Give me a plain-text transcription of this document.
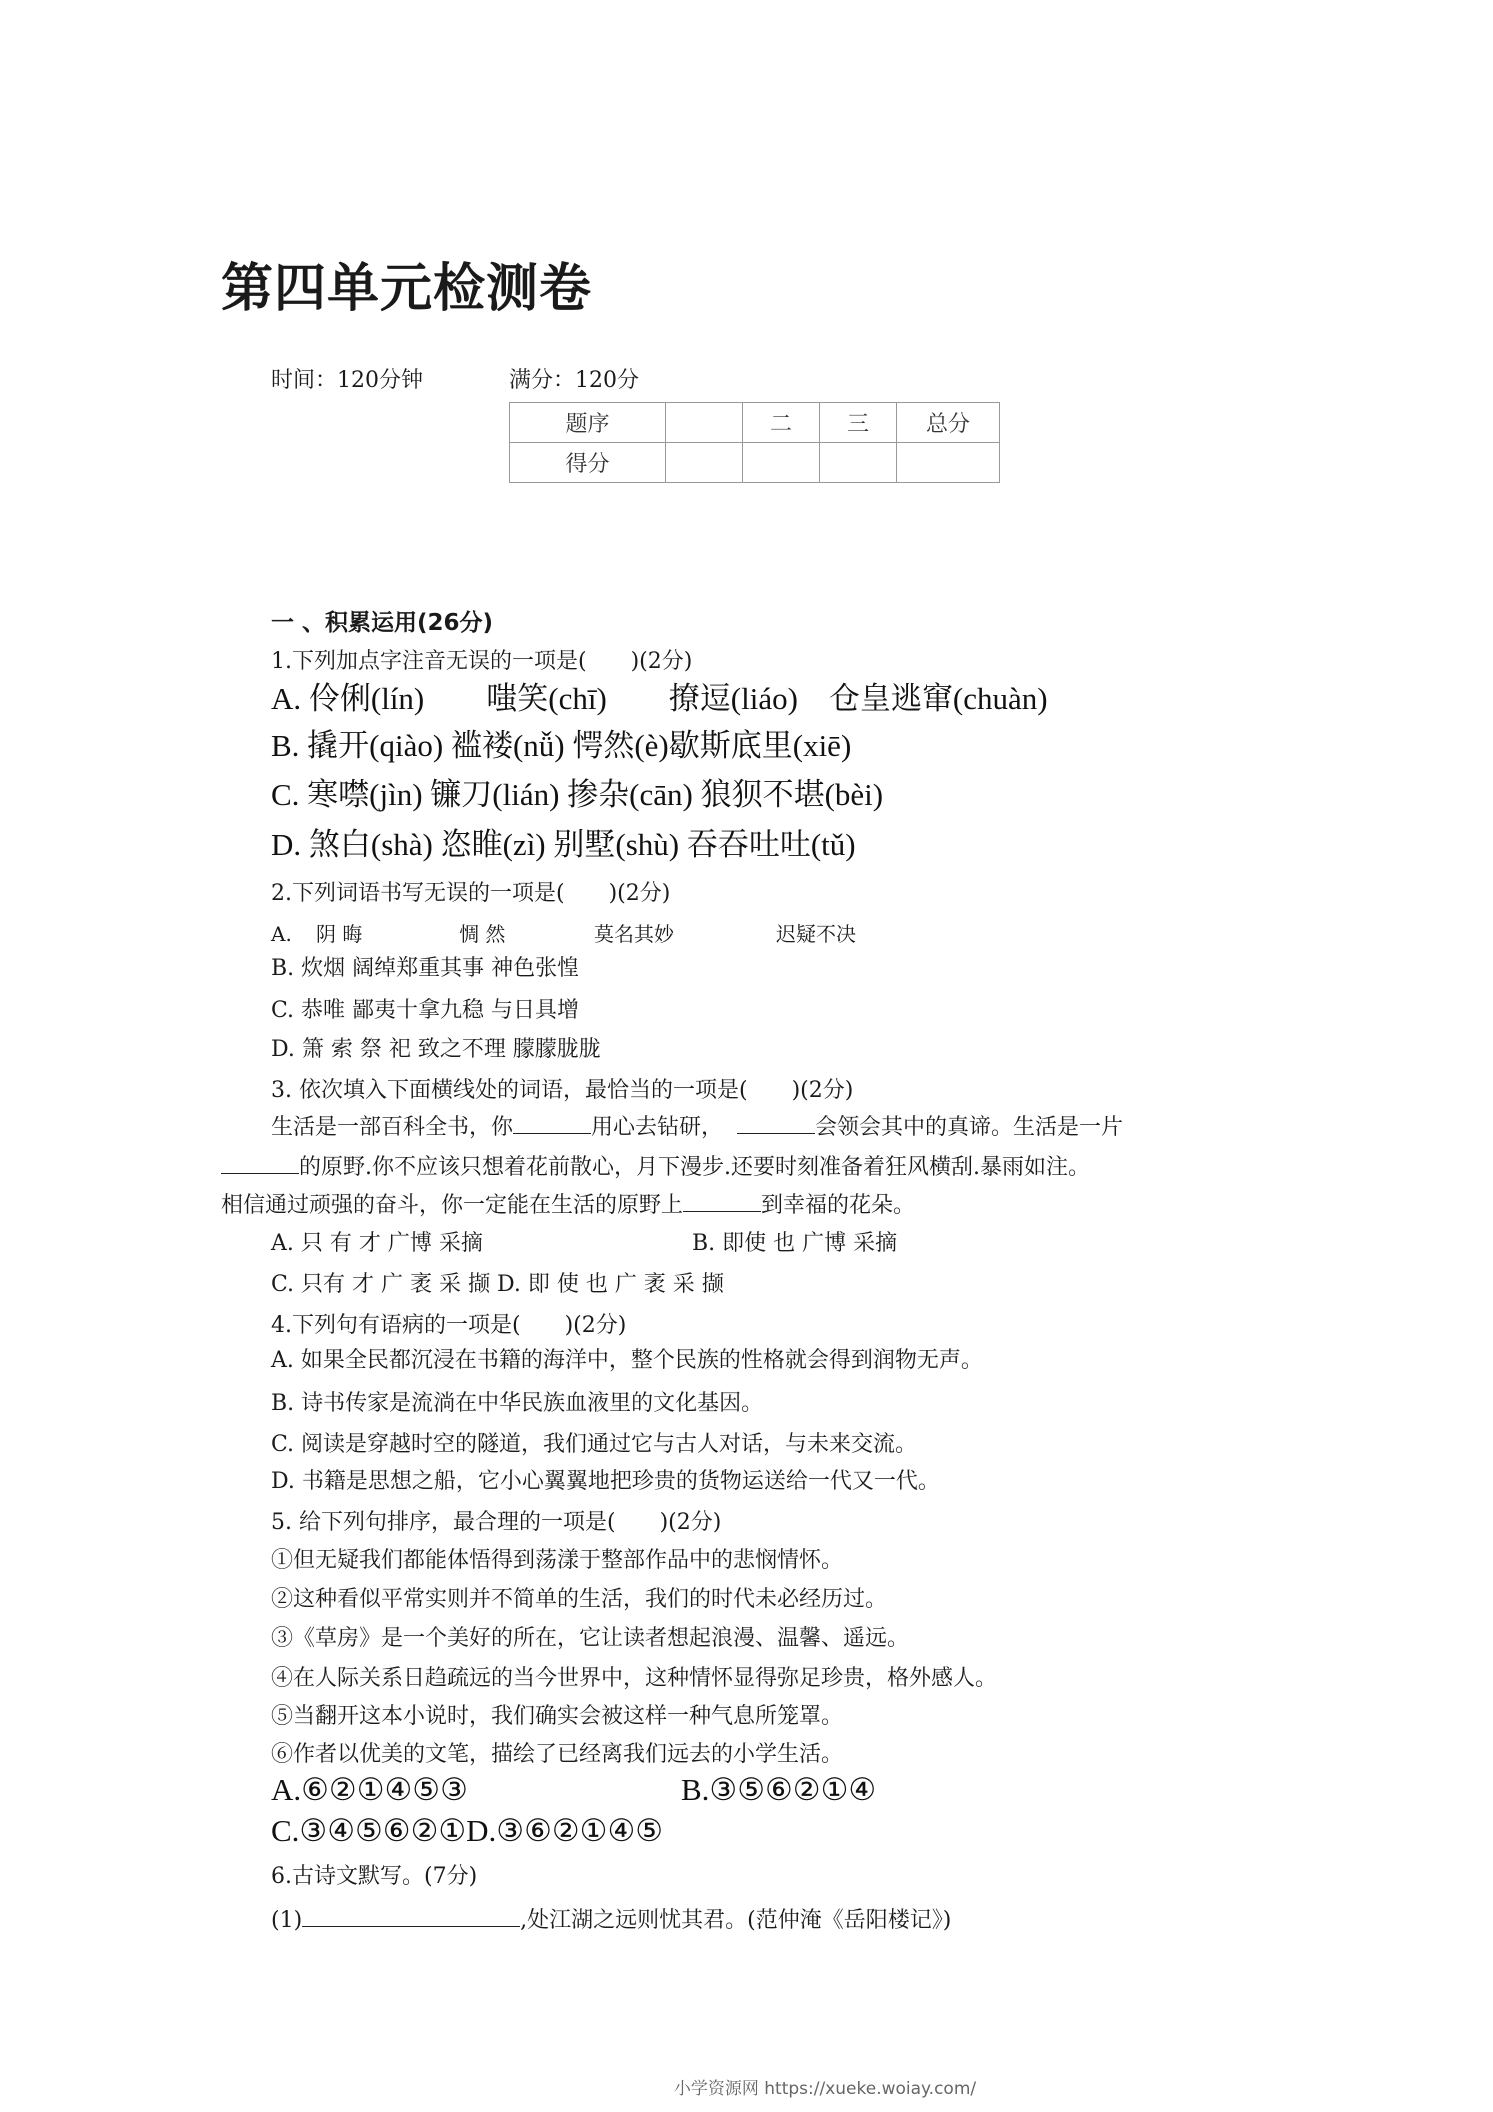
第四单元检测卷
时间：120分钟	满分：120分
题序		二	三	总分
得分				
一 、积累运用(26分)
1.下列加点字注音无误的一项是(　　)(2分)
A. 伶俐(lín)　　嗤笑(chī)　　撩逗(liáo)　仓皇逃窜(chuàn)
B. 撬开(qiào) 褴褛(nǚ) 愕然(è)歇斯底里(xiē)
C. 寒噤(jìn) 镰刀(lián) 掺杂(cān) 狼狈不堪(bèi)
D. 煞白(shà) 恣睢(zì) 别墅(shù) 吞吞吐吐(tǔ)
2.下列词语书写无误的一项是(　　)(2分)
A. 阴 晦	惆 然	莫名其妙	迟疑不决
B. 炊烟 阔绰郑重其事 神色张惶
C. 恭唯 鄙夷十拿九稳 与日具增
D. 箫 索 祭 祀 致之不理 朦朦胧胧
3. 依次填入下面横线处的词语，最恰当的一项是(　　)(2分)
生活是一部百科全书，你	用心去钻研，	会领会其中的真谛。生活是一片
的原野.你不应该只想着花前散心，月下漫步.还要时刻准备着狂风横刮.暴雨如注。
相信通过顽强的奋斗，你一定能在生活的原野上	到幸福的花朵。
A. 只 有 才 广博 采摘	B. 即使 也 广博 采摘
C. 只有 才 广 袤 采 撷 D. 即 使 也 广 袤 采 撷
4.下列句有语病的一项是(　　)(2分)
A. 如果全民都沉浸在书籍的海洋中，整个民族的性格就会得到润物无声。
B. 诗书传家是流淌在中华民族血液里的文化基因。
C. 阅读是穿越时空的隧道，我们通过它与古人对话，与未来交流。
D. 书籍是思想之船，它小心翼翼地把珍贵的货物运送给一代又一代。
5. 给下列句排序，最合理的一项是(　　)(2分)
①但无疑我们都能体悟得到荡漾于整部作品中的悲悯情怀。
②这种看似平常实则并不简单的生活，我们的时代未必经历过。
③《草房》是一个美好的所在，它让读者想起浪漫、温馨、遥远。
④在人际关系日趋疏远的当今世界中，这种情怀显得弥足珍贵，格外感人。
⑤当翻开这本小说时，我们确实会被这样一种气息所笼罩。
⑥作者以优美的文笔，描绘了已经离我们远去的小学生活。
A.⑥②①④⑤③	B.③⑤⑥②①④
C.③④⑤⑥②①D.③⑥②①④⑤
6.古诗文默写。(7分)
(1)	,处江湖之远则忧其君。(范仲淹《岳阳楼记》)
小学资源网 https://xueke.woiay.com/
